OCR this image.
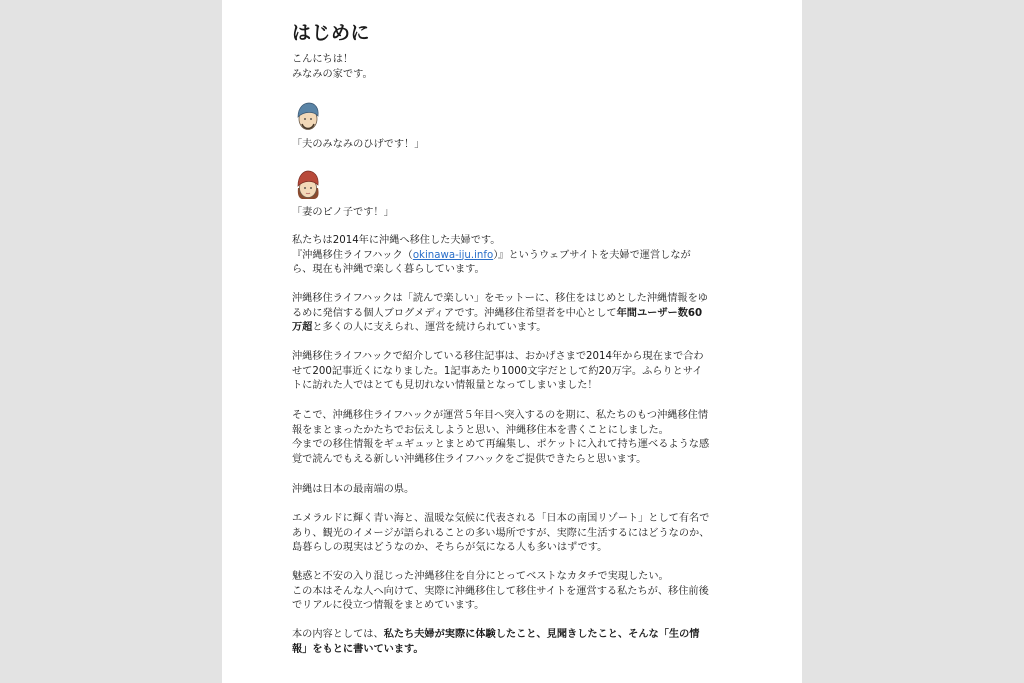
はじめに

こんにちは！
みなみの家です。

「夫のみなみのひげです！」

「妻のピノ子です！」

私たちは2014年に沖縄へ移住した夫婦です。
『沖縄移住ライフハック（okinawa-iju.info）』というウェブサイトを夫婦で運営しなが
ら、現在も沖縄で楽しく暮らしています。

沖縄移住ライフハックは「読んで楽しい」をモットーに、移住をはじめとした沖縄情報をゆ
るめに発信する個人ブログメディアです。沖縄移住希望者を中心として年間ユーザー数60
万超と多くの人に支えられ、運営を続けられています。

沖縄移住ライフハックで紹介している移住記事は、おかげさまで2014年から現在まで合わ
せて200記事近くになりました。1記事あたり1000文字だとして約20万字。ふらりとサイ
トに訪れた人ではとても見切れない情報量となってしまいました！

そこで、沖縄移住ライフハックが運営５年目へ突入するのを期に、私たちのもつ沖縄移住情
報をまとまったかたちでお伝えしようと思い、沖縄移住本を書くことにしました。
今までの移住情報をギュギュッとまとめて再編集し、ポケットに入れて持ち運べるような感
覚で読んでもえる新しい沖縄移住ライフハックをご提供できたらと思います。

沖縄は日本の最南端の県。

エメラルドに輝く青い海と、温暖な気候に代表される「日本の南国リゾート」として有名で
あり、観光のイメージが語られることの多い場所ですが、実際に生活するにはどうなのか、
島暮らしの現実はどうなのか、そちらが気になる人も多いはずです。

魅惑と不安の入り混じった沖縄移住を自分にとってベストなカタチで実現したい。
この本はそんな人へ向けて、実際に沖縄移住して移住サイトを運営する私たちが、移住前後
でリアルに役立つ情報をまとめています。

本の内容としては、私たち夫婦が実際に体験したこと、見聞きしたこと、そんな「生の情
報」をもとに書いています。
